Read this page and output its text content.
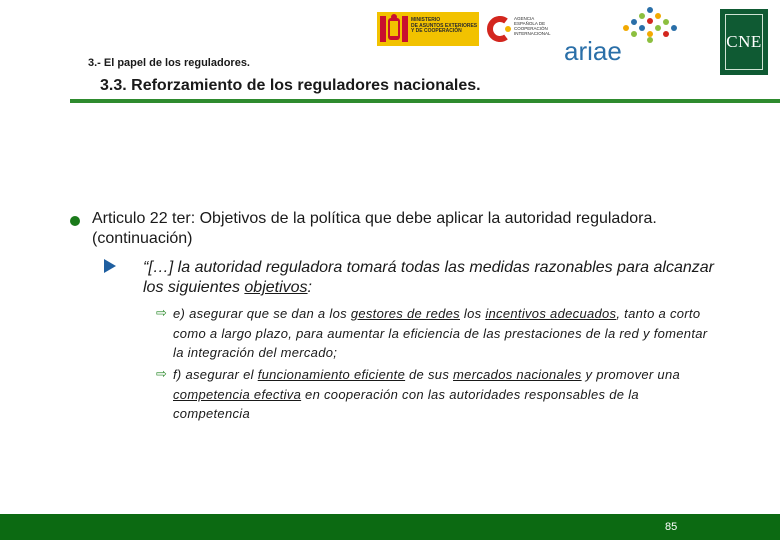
MINISTERIO
DE ASUNTOS EXTERIORES
Y DE COOPERACIÓN
AGENCIA
ESPAÑOLA DE
COOPERACIÓN
INTERNACIONAL
ariae	CNE
3.- El papel de los reguladores.
3.3. Reforzamiento de los reguladores nacionales.
Articulo 22 ter: Objetivos de la política que debe aplicar la autoridad reguladora. (continuación)
“[…] la autoridad reguladora tomará todas las medidas razonables para alcanzar los siguientes objetivos:
⇨ e) asegurar que se dan a los gestores de redes los incentivos adecuados, tanto a corto como a largo plazo, para aumentar la eficiencia de las prestaciones de la red y fomentar la integración del mercado;
⇨ f) asegurar el funcionamiento eficiente de sus mercados nacionales y promover una competencia efectiva en cooperación con las autoridades responsables de la competencia
85
